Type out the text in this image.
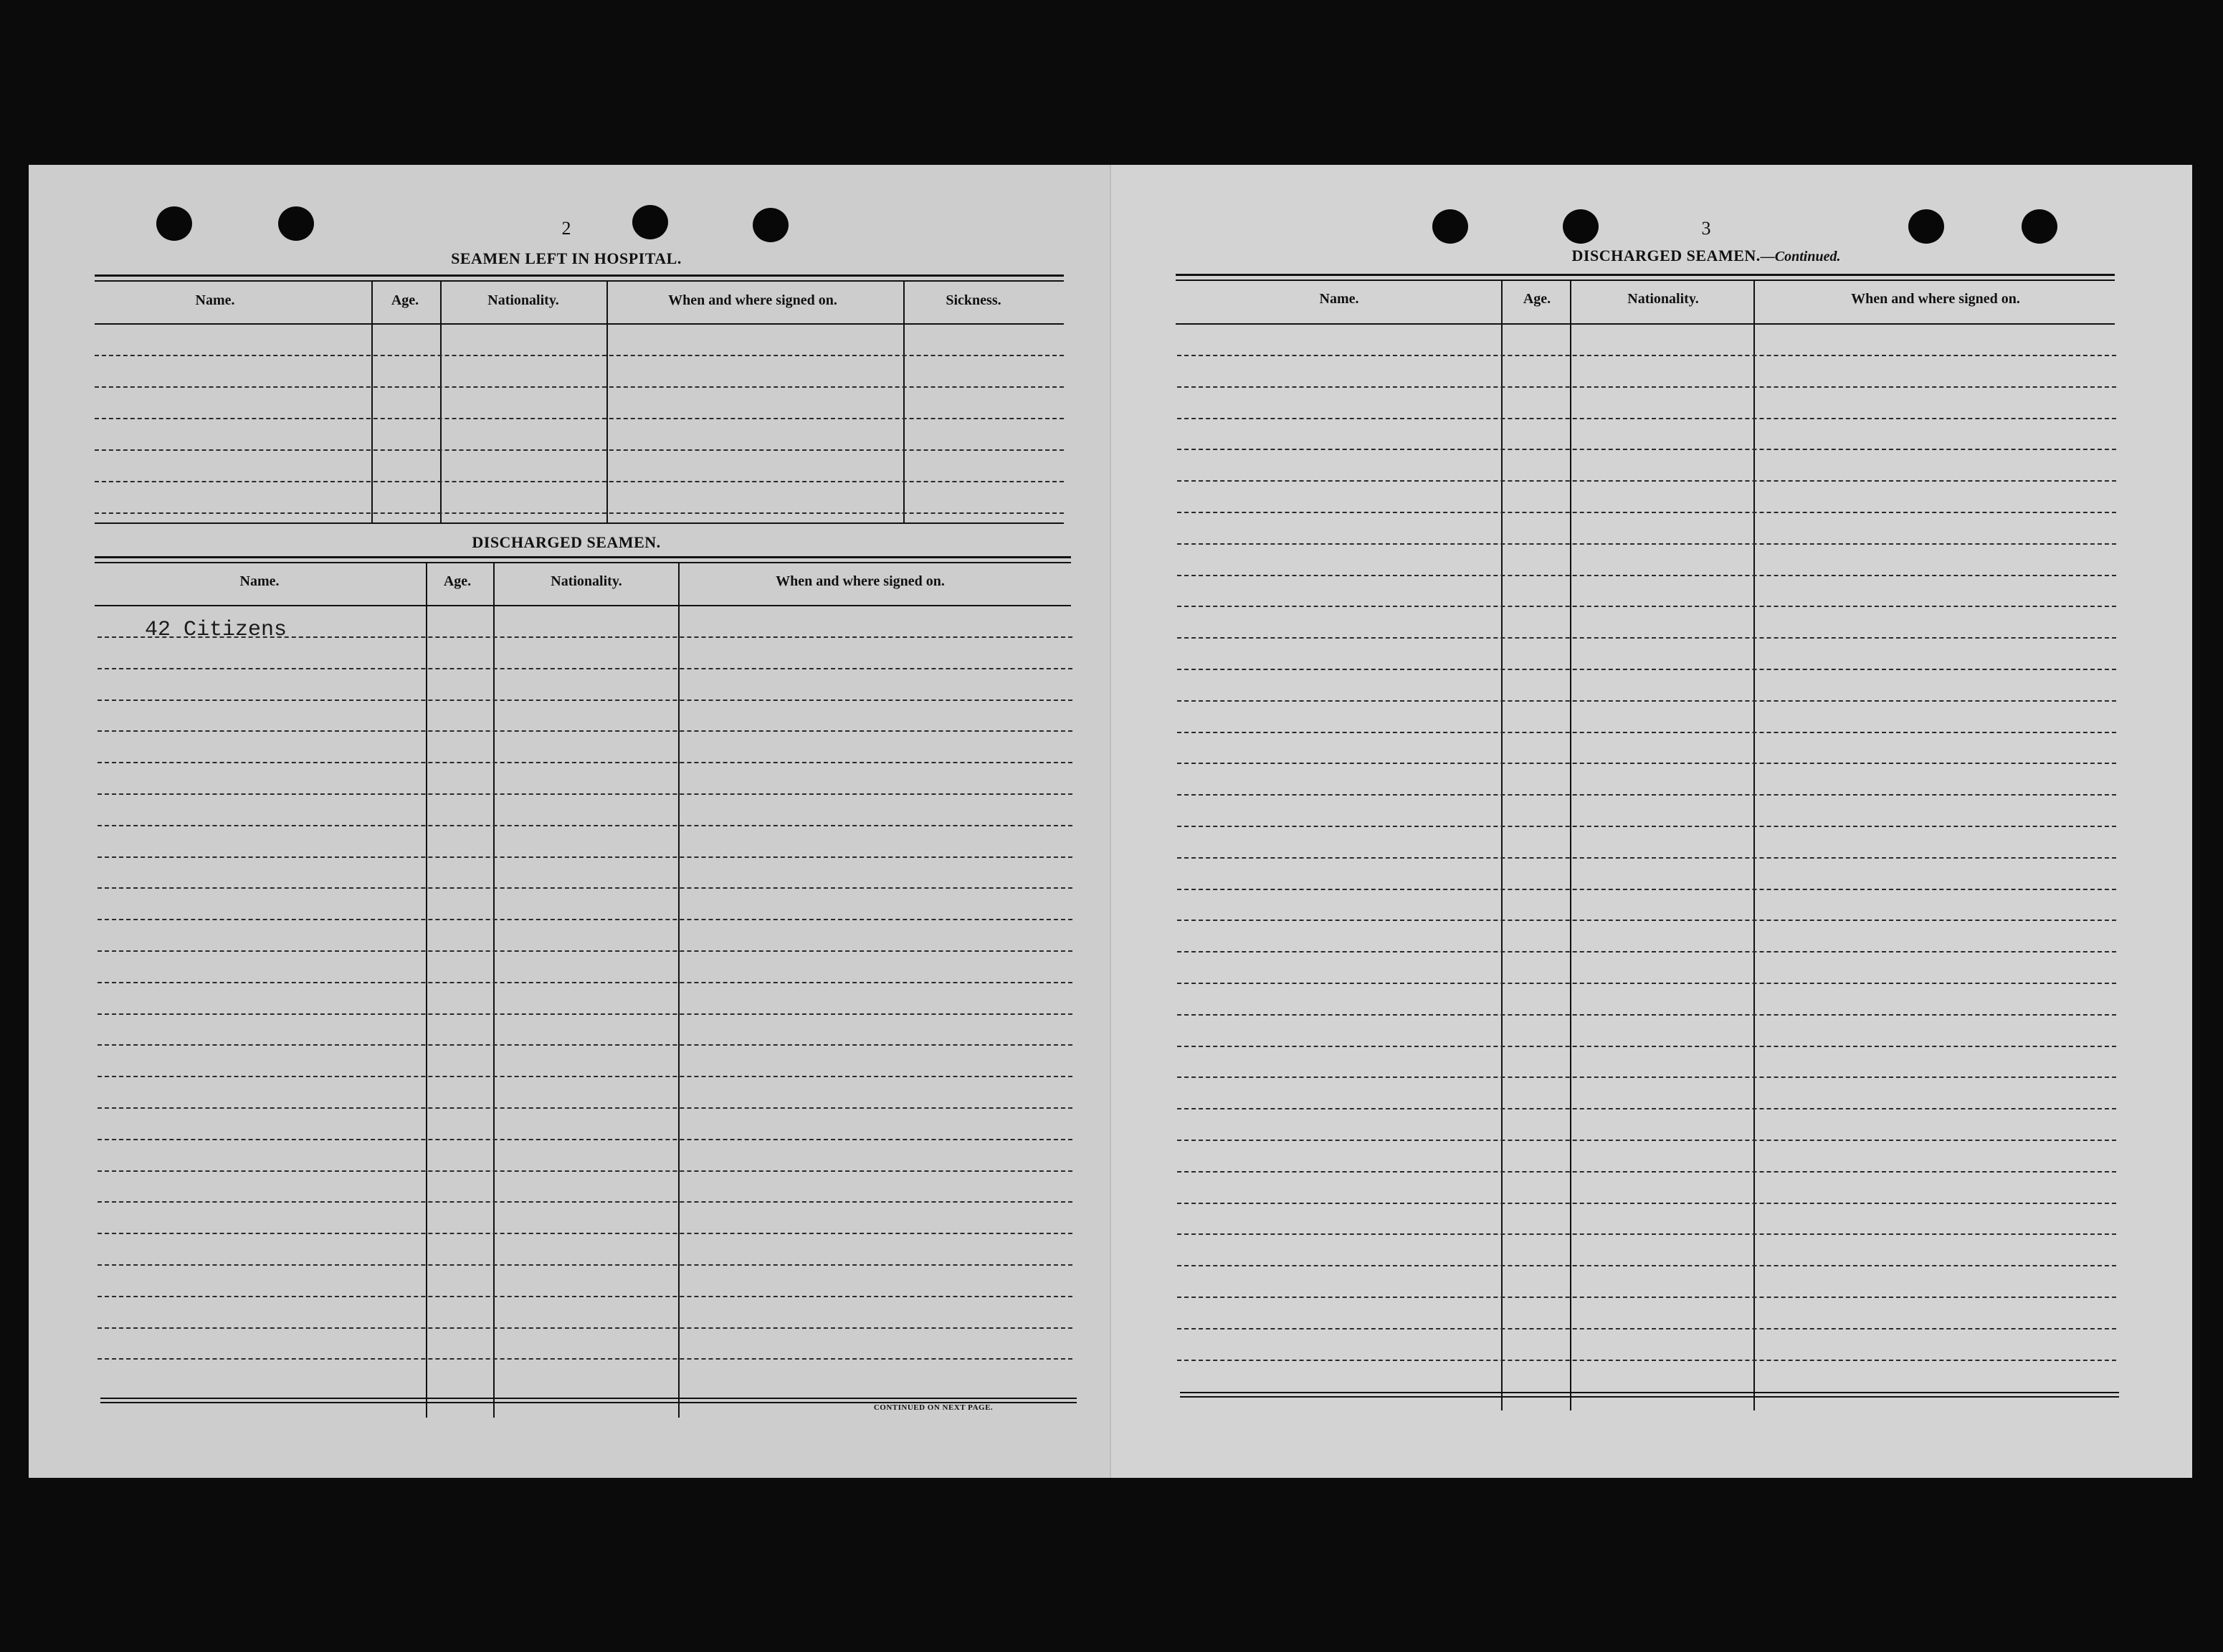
2
SEAMEN LEFT IN HOSPITAL.
Name.	Age.	Nationality.	When and where signed on.	Sickness.
DISCHARGED SEAMEN.
Name.	Age.	Nationality.	When and where signed on.
42 Citizens
CONTINUED ON NEXT PAGE.
3
DISCHARGED SEAMEN.—Continued.
Name.	Age.	Nationality.	When and where signed on.
